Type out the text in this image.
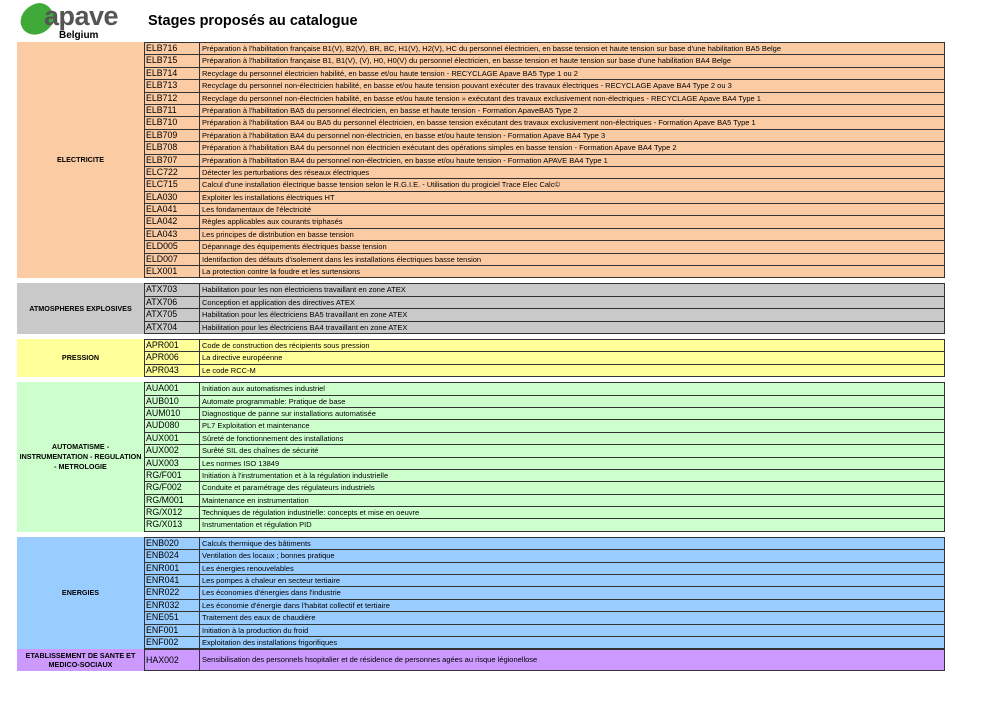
apave
Belgium
Stages proposés au catalogue
ELECTRICITE
ELB716	Préparation à l'habilitation française B1(V), B2(V), BR, BC, H1(V), H2(V), HC du personnel électricien, en basse tension et haute tension sur base d'une habilitation BA5 Belge
ELB715	Préparation à l'habilitation française B1, B1(V), (V), H0, H0(V) du personnel électricien, en basse tension et haute tension sur base d'une habilitation BA4 Belge
ELB714	Recyclage du personnel électricien habilité, en basse et/ou haute tension - RECYCLAGE Apave BA5 Type 1 ou 2
ELB713	Recyclage du personnel non-électricien habilité, en basse et/ou haute tension pouvant exécuter des travaux électriques - RECYCLAGE Apave BA4 Type 2 ou 3
ELB712	Recyclage du personnel non-électricien habilité, en basse et/ou haute tension » exécutant des travaux exclusivement non-électriques - RECYCLAGE Apave BA4 Type 1
ELB711	Préparation à l'habilitation BA5 du personnel électricien, en basse et haute tension - Formation ApaveBA5 Type 2
ELB710	Préparation à l'habilitation BA4 ou BA5 du personnel électricien, en basse tension exécutant des travaux exclusivement non-électriques - Formation Apave BA5 Type 1
ELB709	Préparation à l'habilitation BA4 du personnel non-électricien, en basse et/ou haute tension - Formation Apave BA4 Type 3
ELB708	Préparation à l'habilitation BA4 du personnel non électricien exécutant des opérations simples en basse tension - Formation Apave BA4 Type 2
ELB707	Préparation à l'habilitation BA4 du personnel non-électricien, en basse et/ou haute tension - Formation APAVE BA4 Type 1
ELC722	Détecter les perturbations des réseaux électriques
ELC715	Calcul d'une installation électrique basse tension selon le R.G.I.E. - Utilisation du progiciel Trace Elec Calc©
ELA030	Exploiter les installations électriques HT
ELA041	Les fondamentaux de l'électricité
ELA042	Règles applicables aux courants triphasés
ELA043	Les principes de distribution en basse tension
ELD005	Dépannage des équipements électriques basse tension
ELD007	Identifaction des défauts d'isolement dans les installations électriques basse tension
ELX001	La protection contre la foudre et les surtensions
ATMOSPHERES EXPLOSIVES
ATX703	Habilitation pour les non électriciens travaillant en zone ATEX
ATX706	Conception et application des directives ATEX
ATX705	Habilitation pour les électriciens BA5 travaillant en zone ATEX
ATX704	Habilitation pour les électriciens BA4 travaillant en zone ATEX
PRESSION
APR001	Code de construction des récipients sous pression
APR006	La directive européenne
APR043	Le code RCC-M
AUTOMATISME - INSTRUMENTATION - REGULATION - METROLOGIE
AUA001	Initiation aux automatismes industriel
AUB010	Automate programmable: Pratique de base
AUM010	Diagnostique de panne sur installations automatisée
AUD080	PL7 Exploitation et maintenance
AUX001	Sûreté de fonctionnement des installations
AUX002	Surêté SIL des chaînes de sécurité
AUX003	Les normes ISO 13849
RG/F001	Initiation à l'instrumentation et à la régulation industrielle
RG/F002	Conduite et paramétrage des régulateurs industriels
RG/M001	Maintenance en instrumentation
RG/X012	Techniques de régulation industrielle: concepts et mise en oeuvre
RG/X013	Instrumentation et régulation PID
ENERGIES
ENB020	Calculs thermique des bâtiments
ENB024	Ventilation des locaux ; bonnes pratique
ENR001	Les énergies renouvelables
ENR041	Les pompes à chaleur en secteur tertiaire
ENR022	Les économies d'énergies dans l'industrie
ENR032	Les économie d'énergie dans l'habitat collectif et tertiaire
ENE051	Traitement des eaux de chaudière
ENF001	Initiation à la production du froid
ENF002	Exploitation des installations frigorifiques
ETABLISSEMENT DE SANTE ET MEDICO-SOCIAUX	HAX002	Sensibilisation des personnels hsopitalier et de résidence de personnes agées au risque légionellose
